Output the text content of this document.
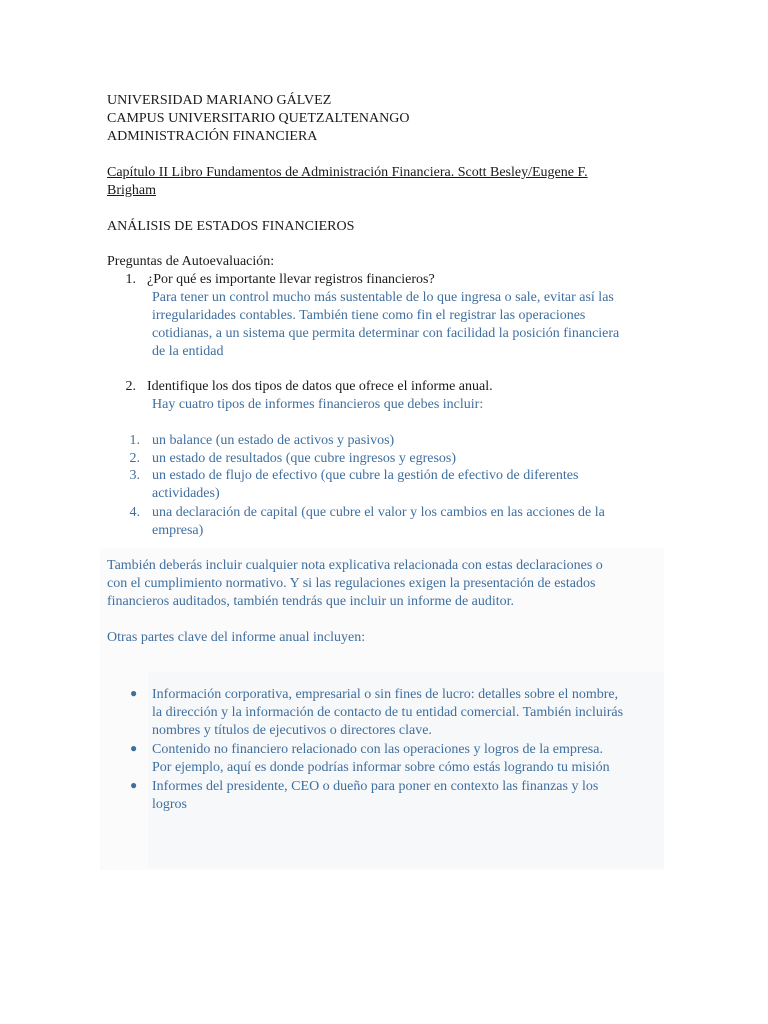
UNIVERSIDAD MARIANO GÁLVEZ
CAMPUS UNIVERSITARIO QUETZALTENANGO
ADMINISTRACIÓN FINANCIERA
Capítulo II Libro Fundamentos de Administración Financiera. Scott Besley/Eugene F.
Brigham
ANÁLISIS DE ESTADOS FINANCIEROS
Preguntas de Autoevaluación:
1. ¿Por qué es importante llevar registros financieros?
Para tener un control mucho más sustentable de lo que ingresa o sale, evitar así las
irregularidades contables. También tiene como fin el registrar las operaciones
cotidianas, a un sistema que permita determinar con facilidad la posición financiera
de la entidad
2. Identifique los dos tipos de datos que ofrece el informe anual.
Hay cuatro tipos de informes financieros que debes incluir:
1. un balance (un estado de activos y pasivos)
2. un estado de resultados (que cubre ingresos y egresos)
3. un estado de flujo de efectivo (que cubre la gestión de efectivo de diferentes
actividades)
4. una declaración de capital (que cubre el valor y los cambios en las acciones de la
empresa)
También deberás incluir cualquier nota explicativa relacionada con estas declaraciones o
con el cumplimiento normativo. Y si las regulaciones exigen la presentación de estados
financieros auditados, también tendrás que incluir un informe de auditor.
Otras partes clave del informe anual incluyen:
● Información corporativa, empresarial o sin fines de lucro: detalles sobre el nombre,
la dirección y la información de contacto de tu entidad comercial. También incluirás
nombres y títulos de ejecutivos o directores clave.
● Contenido no financiero relacionado con las operaciones y logros de la empresa.
Por ejemplo, aquí es donde podrías informar sobre cómo estás logrando tu misión
● Informes del presidente, CEO o dueño para poner en contexto las finanzas y los
logros
